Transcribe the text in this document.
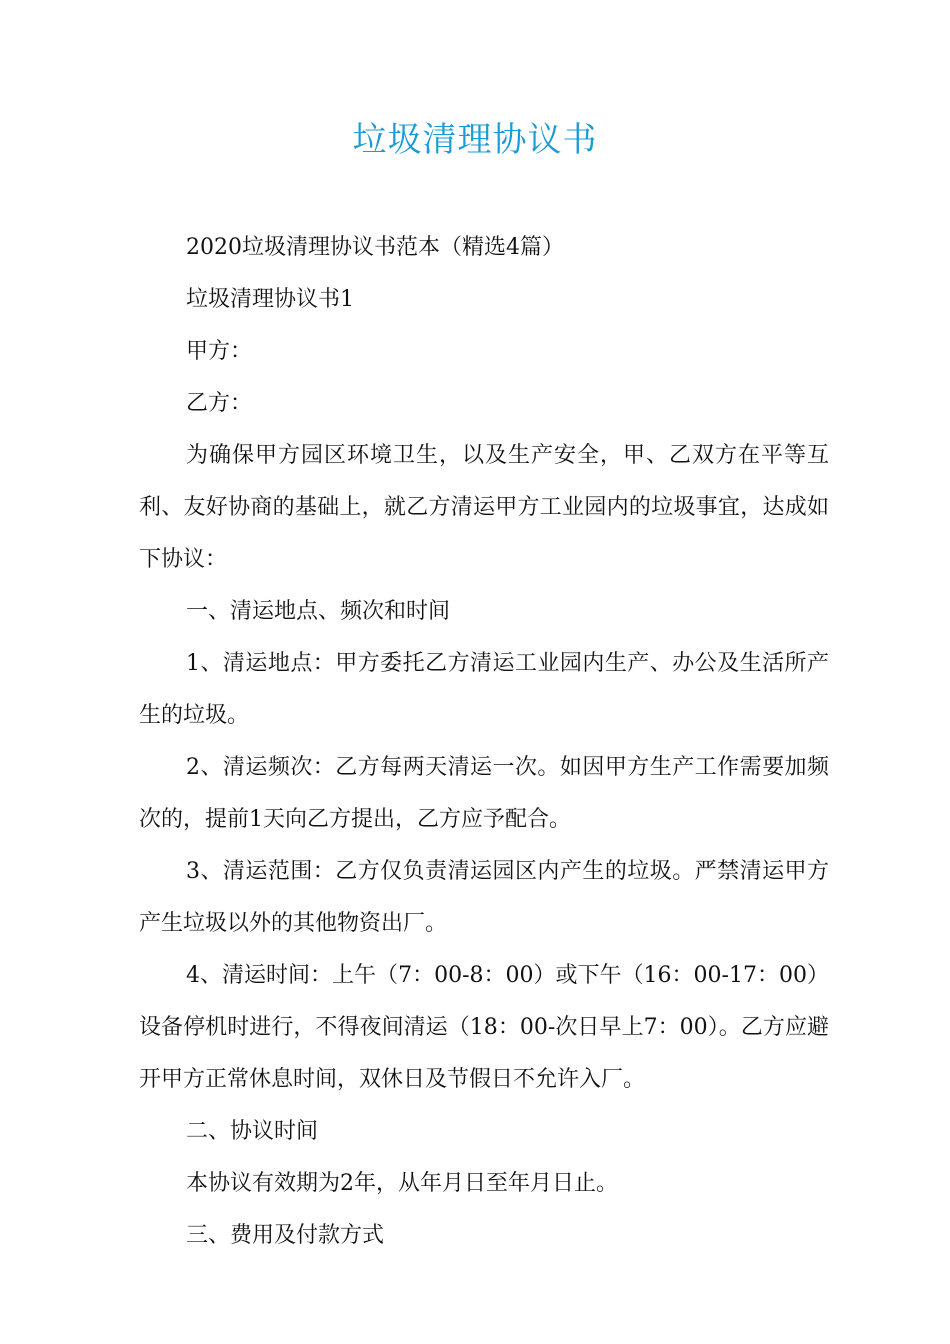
垃圾清理协议书

2020垃圾清理协议书范本（精选4篇）

垃圾清理协议书1

甲方：

乙方：

为确保甲方园区环境卫生，以及生产安全，甲、乙双方在平等互利、友好协商的基础上，就乙方清运甲方工业园内的垃圾事宜，达成如下协议：

一、清运地点、频次和时间

1、清运地点：甲方委托乙方清运工业园内生产、办公及生活所产生的垃圾。

2、清运频次：乙方每两天清运一次。如因甲方生产工作需要加频次的，提前1天向乙方提出，乙方应予配合。

3、清运范围：乙方仅负责清运园区内产生的垃圾。严禁清运甲方产生垃圾以外的其他物资出厂。

4、清运时间：上午（7：00-8：00）或下午（16：00-17：00）设备停机时进行，不得夜间清运（18：00-次日早上7：00）。乙方应避开甲方正常休息时间，双休日及节假日不允许入厂。

二、协议时间

本协议有效期为2年，从年月日至年月日止。

三、费用及付款方式
